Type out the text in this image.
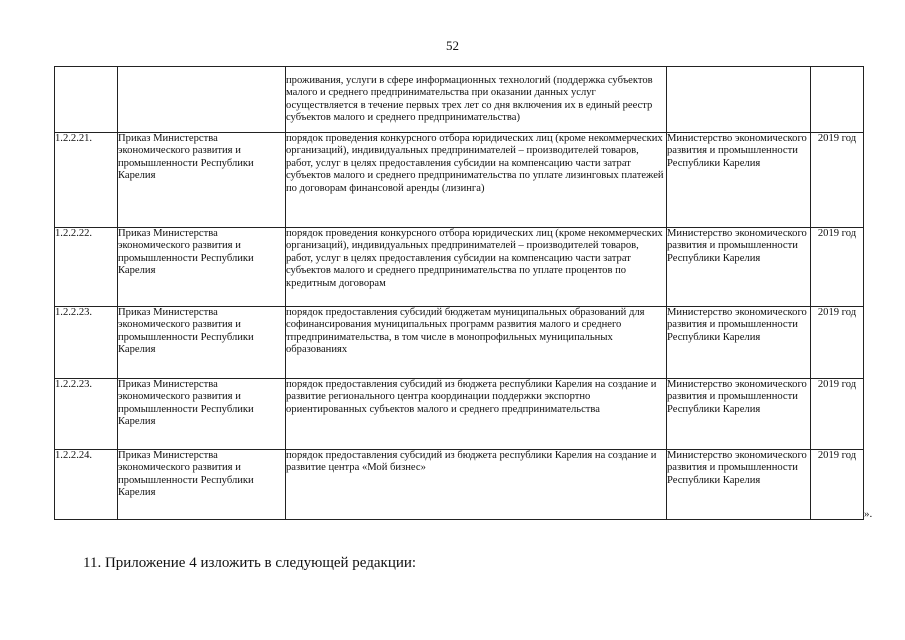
52
		проживания, услуги в сфере информационных технологий (поддержка субъектов малого и среднего предпринимательства при оказании данных услуг осуществляется в течение первых трех лет со дня включения их в единый реестр субъектов малого и среднего предпринимательства)		
1.2.2.21.	Приказ Министерства экономического развития и промышленности Республики Карелия	порядок проведения конкурсного отбора юридических лиц (кроме некоммерческих организаций), индивидуальных предпринимателей – производителей товаров, работ, услуг в целях предоставления субсидии на компенсацию части затрат субъектов малого и среднего предпринимательства по уплате лизинговых платежей по договорам финансовой аренды (лизинга)	Министерство экономического развития и промышленности Республики Карелия	2019 год
1.2.2.22.	Приказ Министерства экономического развития и промышленности Республики Карелия	порядок проведения конкурсного отбора юридических лиц (кроме некоммерческих организаций), индивидуальных предпринимателей – производителей товаров, работ, услуг в целях предоставления субсидии на компенсацию части затрат субъектов малого и среднего предпринимательства по уплате процентов по кредитным договорам	Министерство экономического развития и промышленности Республики Карелия	2019 год
1.2.2.23.	Приказ Министерства экономического развития и промышленности Республики Карелия	порядок предоставления субсидий бюджетам муниципальных образований для софинансирования муниципальных программ развития малого и среднего тпредпринимательства, в том числе в монопрофильных муниципальных образованиях	Министерство экономического развития и промышленности Республики Карелия	2019 год
1.2.2.23.	Приказ Министерства экономического развития и промышленности Республики Карелия	порядок предоставления субсидий из бюджета республики Карелия на создание и развитие регионального центра координации поддержки экспортно ориентированных субъектов малого и среднего предпринимательства	Министерство экономического развития и промышленности Республики Карелия	2019 год
1.2.2.24.	Приказ Министерства экономического развития и промышленности Республики Карелия	порядок предоставления субсидий из бюджета республики Карелия на создание и развитие центра «Мой бизнес»	Министерство экономического развития и промышленности Республики Карелия	2019 год
».
11. Приложение 4 изложить в следующей редакции:
